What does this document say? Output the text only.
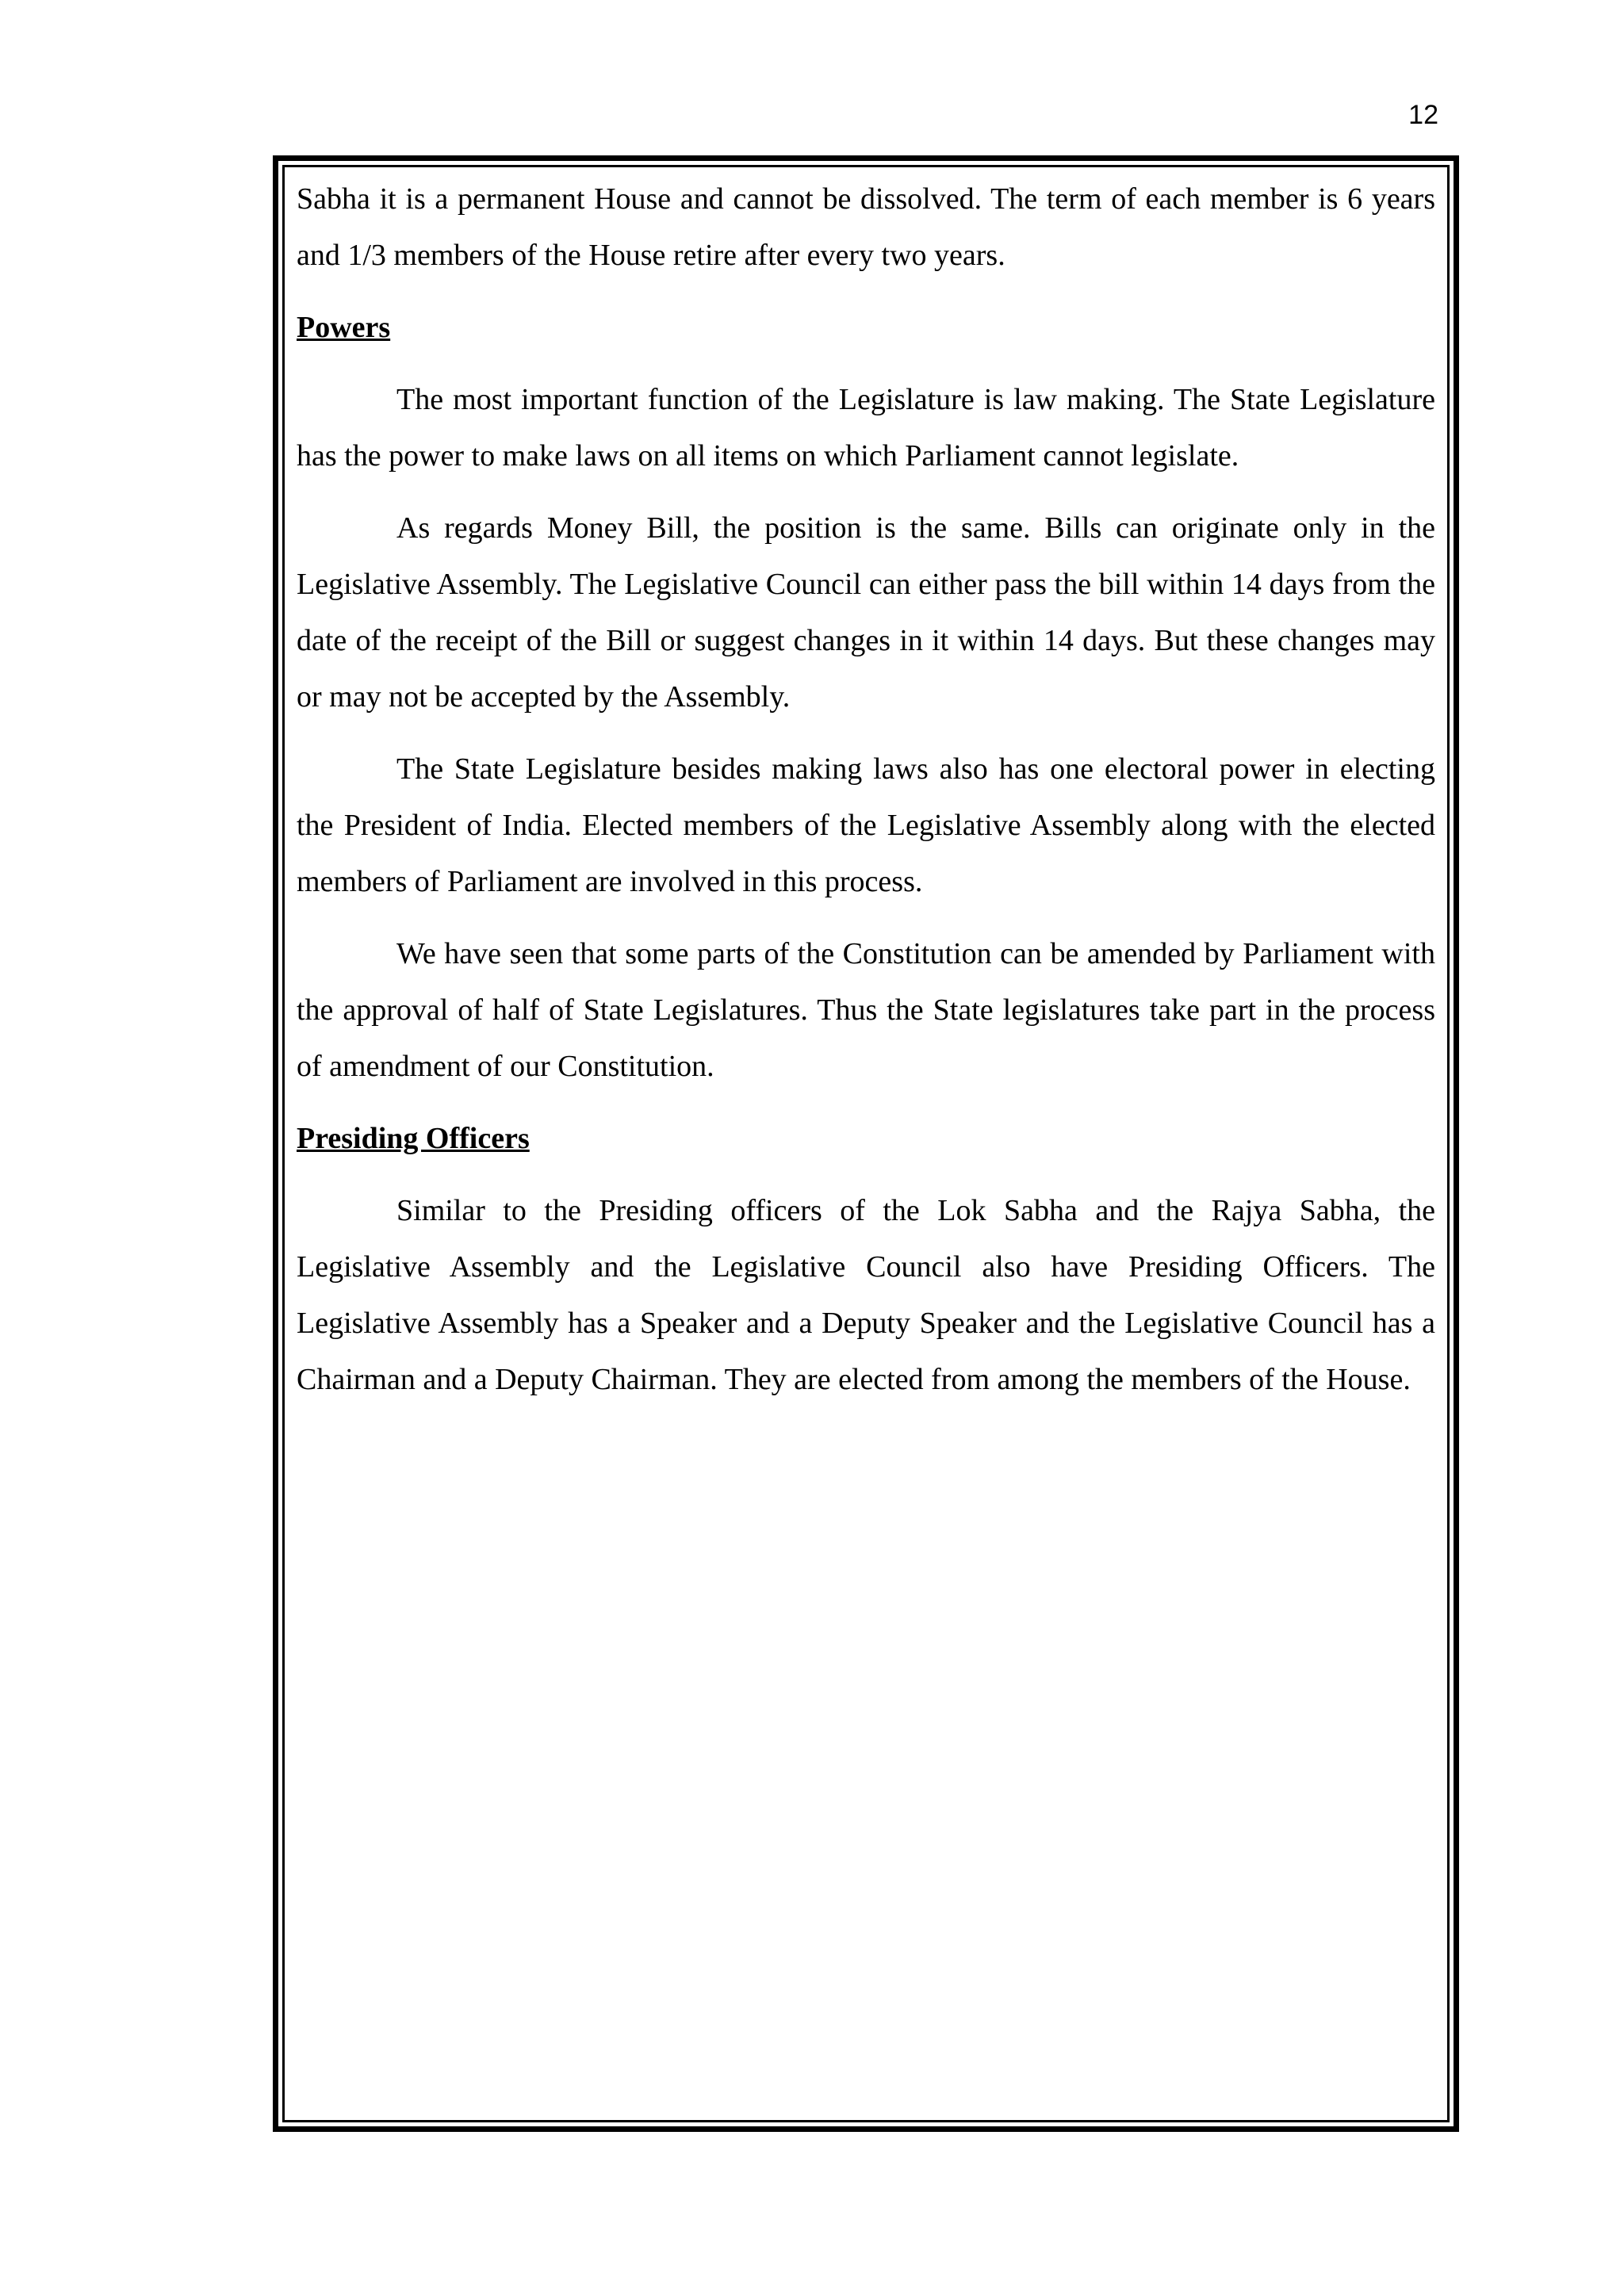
12

Sabha it is a permanent House and cannot be dissolved. The term of each member is 6 years and 1/3 members of the House retire after every two years.

Powers

The most important function of the Legislature is law making. The State Legislature has the power to make laws on all items on which Parliament cannot legislate.

As regards Money Bill, the position is the same. Bills can originate only in the Legislative Assembly. The Legislative Council can either pass the bill within 14 days from the date of the receipt of the Bill or suggest changes in it within 14 days. But these changes may or may not be accepted by the Assembly.

The State Legislature besides making laws also has one electoral power in electing the President of India. Elected members of the Legislative Assembly along with the elected members of Parliament are involved in this process.

We have seen that some parts of the Constitution can be amended by Parliament with the approval of half of State Legislatures. Thus the State legislatures take part in the process of amendment of our Constitution.

Presiding Officers

Similar to the Presiding officers of the Lok Sabha and the Rajya Sabha, the Legislative Assembly and the Legislative Council also have Presiding Officers. The Legislative Assembly has a Speaker and a Deputy Speaker and the Legislative Council has a Chairman and a Deputy Chairman. They are elected from among the members of the House.
